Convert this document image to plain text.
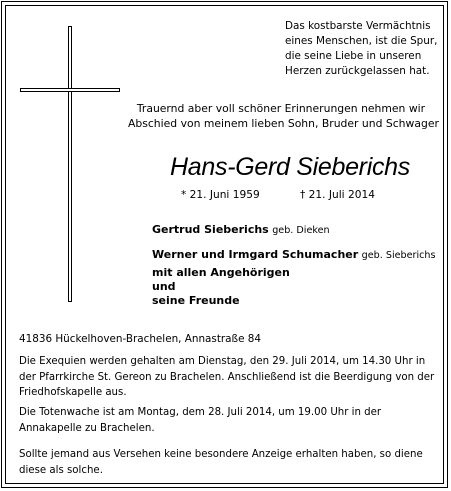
Das kostbarste Vermächtnis
eines Menschen, ist die Spur,
die seine Liebe in unseren
Herzen zurückgelassen hat.
Trauernd aber voll schöner Erinnerungen nehmen wir
Abschied von meinem lieben Sohn, Bruder und Schwager
Hans-Gerd Sieberichs
* 21. Juni 1959	† 21. Juli 2014
Gertrud Sieberichs geb. Dieken
Werner und Irmgard Schumacher geb. Sieberichs
mit allen Angehörigen
und
seine Freunde
41836 Hückelhoven-Brachelen, Annastraße 84
Die Exequien werden gehalten am Dienstag, den 29. Juli 2014, um 14.30 Uhr in
der Pfarrkirche St. Gereon zu Brachelen. Anschließend ist die Beerdigung von der
Friedhofskapelle aus.
Die Totenwache ist am Montag, dem 28. Juli 2014, um 19.00 Uhr in der
Annakapelle zu Brachelen.
Sollte jemand aus Versehen keine besondere Anzeige erhalten haben, so diene
diese als solche.
